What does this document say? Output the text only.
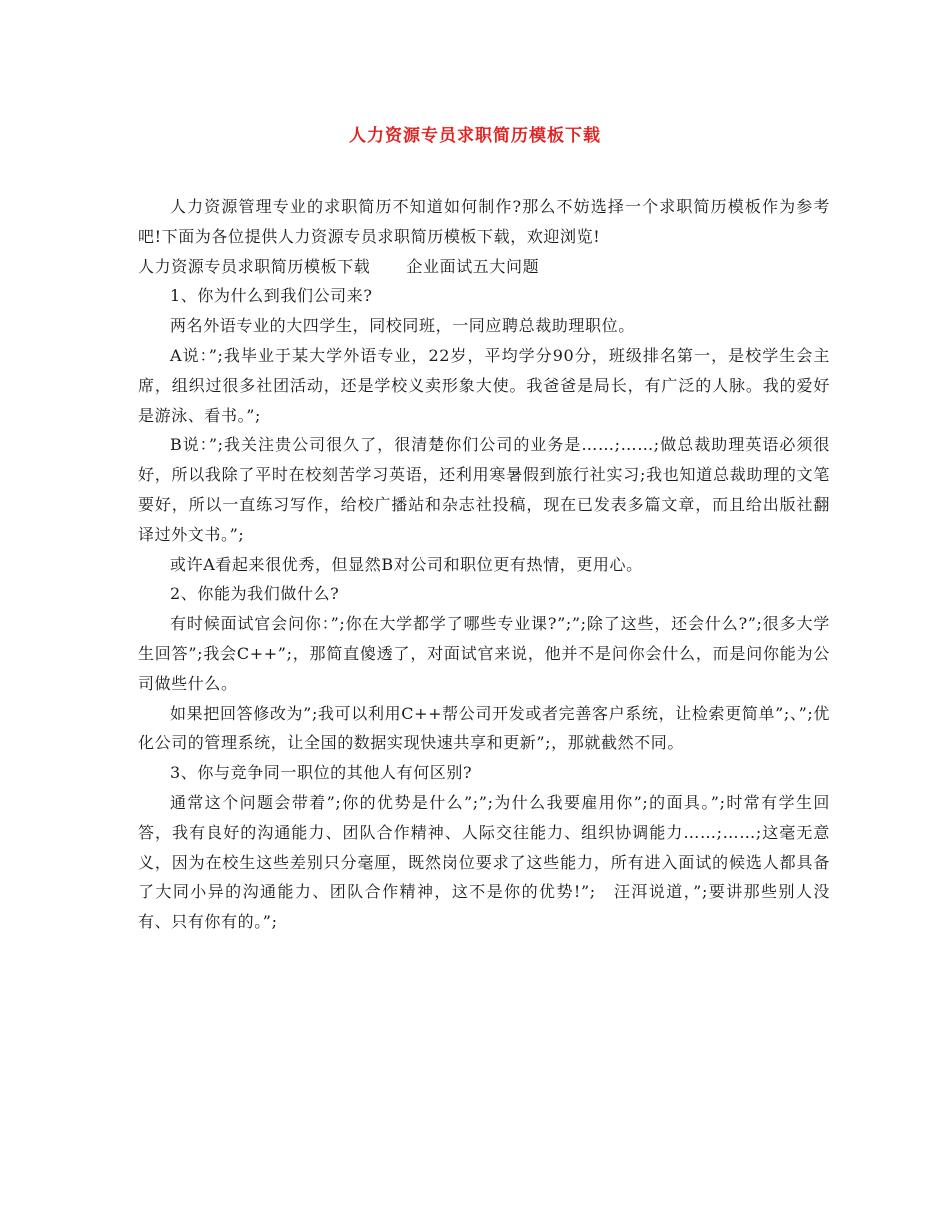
人力资源专员求职简历模板下载

人力资源管理专业的求职简历不知道如何制作?那么不妨选择一个求职简历模板作为参考吧!下面为各位提供人力资源专员求职简历模板下载，欢迎浏览!

人力资源专员求职简历模板下载 企业面试五大问题

1、你为什么到我们公司来?

两名外语专业的大四学生，同校同班，一同应聘总裁助理职位。

A说：”;我毕业于某大学外语专业，22岁，平均学分90分，班级排名第一，是校学生会主席，组织过很多社团活动，还是学校义卖形象大使。我爸爸是局长，有广泛的人脉。我的爱好是游泳、看书。”;

B说：”;我关注贵公司很久了，很清楚你们公司的业务是……;……;做总裁助理英语必须很好，所以我除了平时在校刻苦学习英语，还利用寒暑假到旅行社实习;我也知道总裁助理的文笔要好，所以一直练习写作，给校广播站和杂志社投稿，现在已发表多篇文章，而且给出版社翻译过外文书。”;

或许A看起来很优秀，但显然B对公司和职位更有热情，更用心。

2、你能为我们做什么?

有时候面试官会问你：”;你在大学都学了哪些专业课?”;”;除了这些，还会什么?”;很多大学生回答”;我会C++”;，那简直傻透了，对面试官来说，他并不是问你会什么，而是问你能为公司做些什么。

如果把回答修改为”;我可以利用C++帮公司开发或者完善客户系统，让检索更简单”;、”;优化公司的管理系统，让全国的数据实现快速共享和更新”;，那就截然不同。

3、你与竞争同一职位的其他人有何区别?

通常这个问题会带着”;你的优势是什么”;”;为什么我要雇用你”;的面具。”;时常有学生回答，我有良好的沟通能力、团队合作精神、人际交往能力、组织协调能力……;……;这毫无意义，因为在校生这些差别只分毫厘，既然岗位要求了这些能力，所有进入面试的候选人都具备了大同小异的沟通能力、团队合作精神，这不是你的优势!”;　汪洱说道，”;要讲那些别人没有、只有你有的。”;
